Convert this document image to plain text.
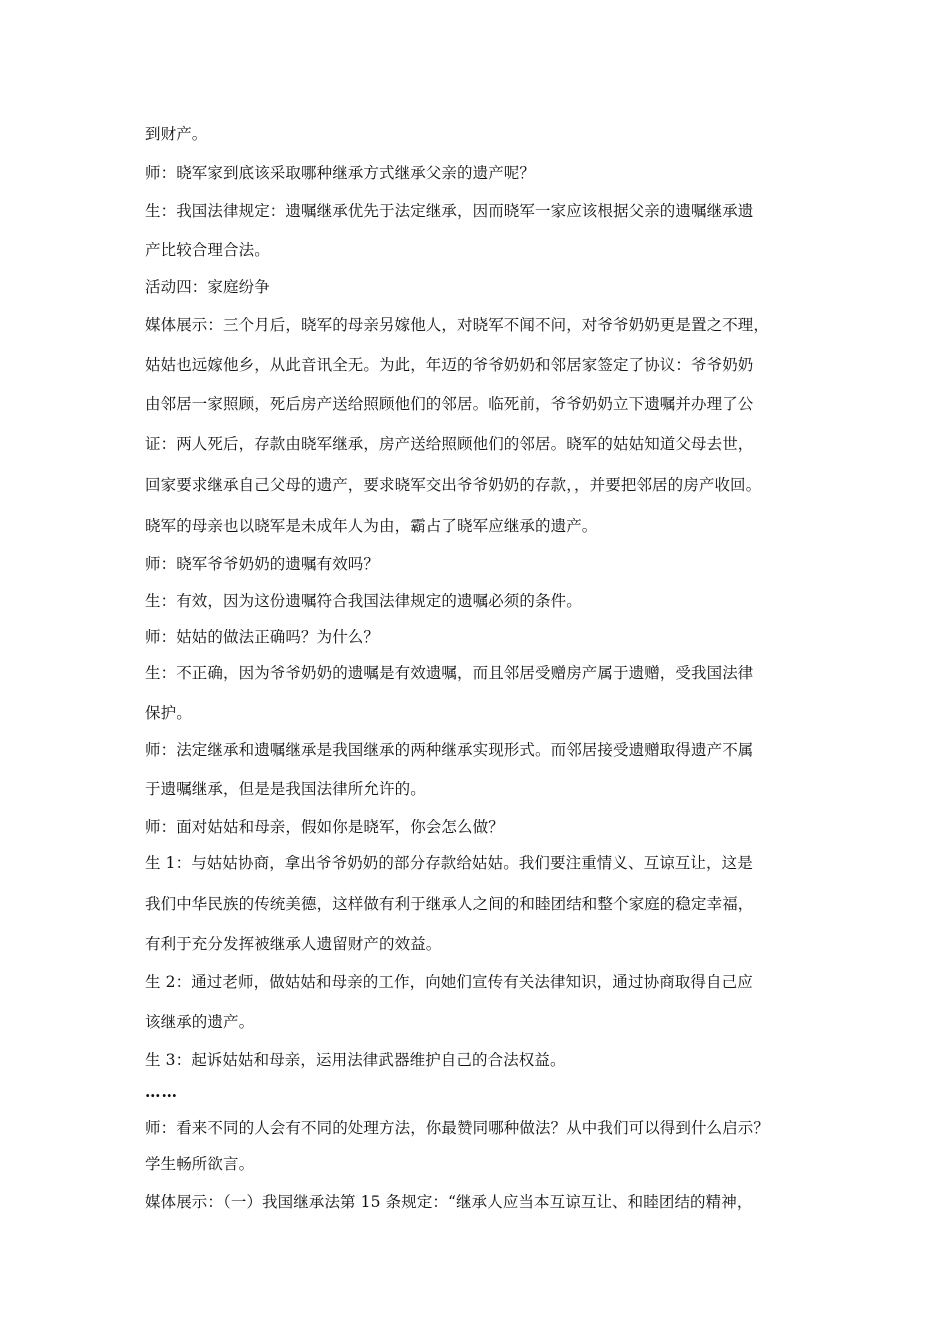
到财产。
师：晓军家到底该采取哪种继承方式继承父亲的遗产呢？
生：我国法律规定：遗嘱继承优先于法定继承，因而晓军一家应该根据父亲的遗嘱继承遗
产比较合理合法。
活动四：家庭纷争
媒体展示：三个月后，晓军的母亲另嫁他人，对晓军不闻不问，对爷爷奶奶更是置之不理，
姑姑也远嫁他乡，从此音讯全无。为此，年迈的爷爷奶奶和邻居家签定了协议：爷爷奶奶
由邻居一家照顾，死后房产送给照顾他们的邻居。临死前，爷爷奶奶立下遗嘱并办理了公
证：两人死后，存款由晓军继承，房产送给照顾他们的邻居。晓军的姑姑知道父母去世，
回家要求继承自己父母的遗产，要求晓军交出爷爷奶奶的存款，，并要把邻居的房产收回。
晓军的母亲也以晓军是未成年人为由，霸占了晓军应继承的遗产。
师：晓军爷爷奶奶的遗嘱有效吗？
生：有效，因为这份遗嘱符合我国法律规定的遗嘱必须的条件。
师：姑姑的做法正确吗？为什么？
生：不正确，因为爷爷奶奶的遗嘱是有效遗嘱，而且邻居受赠房产属于遗赠，受我国法律
保护。
师：法定继承和遗嘱继承是我国继承的两种继承实现形式。而邻居接受遗赠取得遗产不属
于遗嘱继承，但是是我国法律所允许的。
师：面对姑姑和母亲，假如你是晓军，你会怎么做？
生 1：与姑姑协商，拿出爷爷奶奶的部分存款给姑姑。我们要注重情义、互谅互让，这是
我们中华民族的传统美德，这样做有利于继承人之间的和睦团结和整个家庭的稳定幸福，
有利于充分发挥被继承人遗留财产的效益。
生 2：通过老师，做姑姑和母亲的工作，向她们宣传有关法律知识，通过协商取得自己应
该继承的遗产。
生 3：起诉姑姑和母亲，运用法律武器维护自己的合法权益。
……
师：看来不同的人会有不同的处理方法，你最赞同哪种做法？从中我们可以得到什么启示？
学生畅所欲言。
媒体展示：（一）我国继承法第 15 条规定：“继承人应当本互谅互让、和睦团结的精神，
